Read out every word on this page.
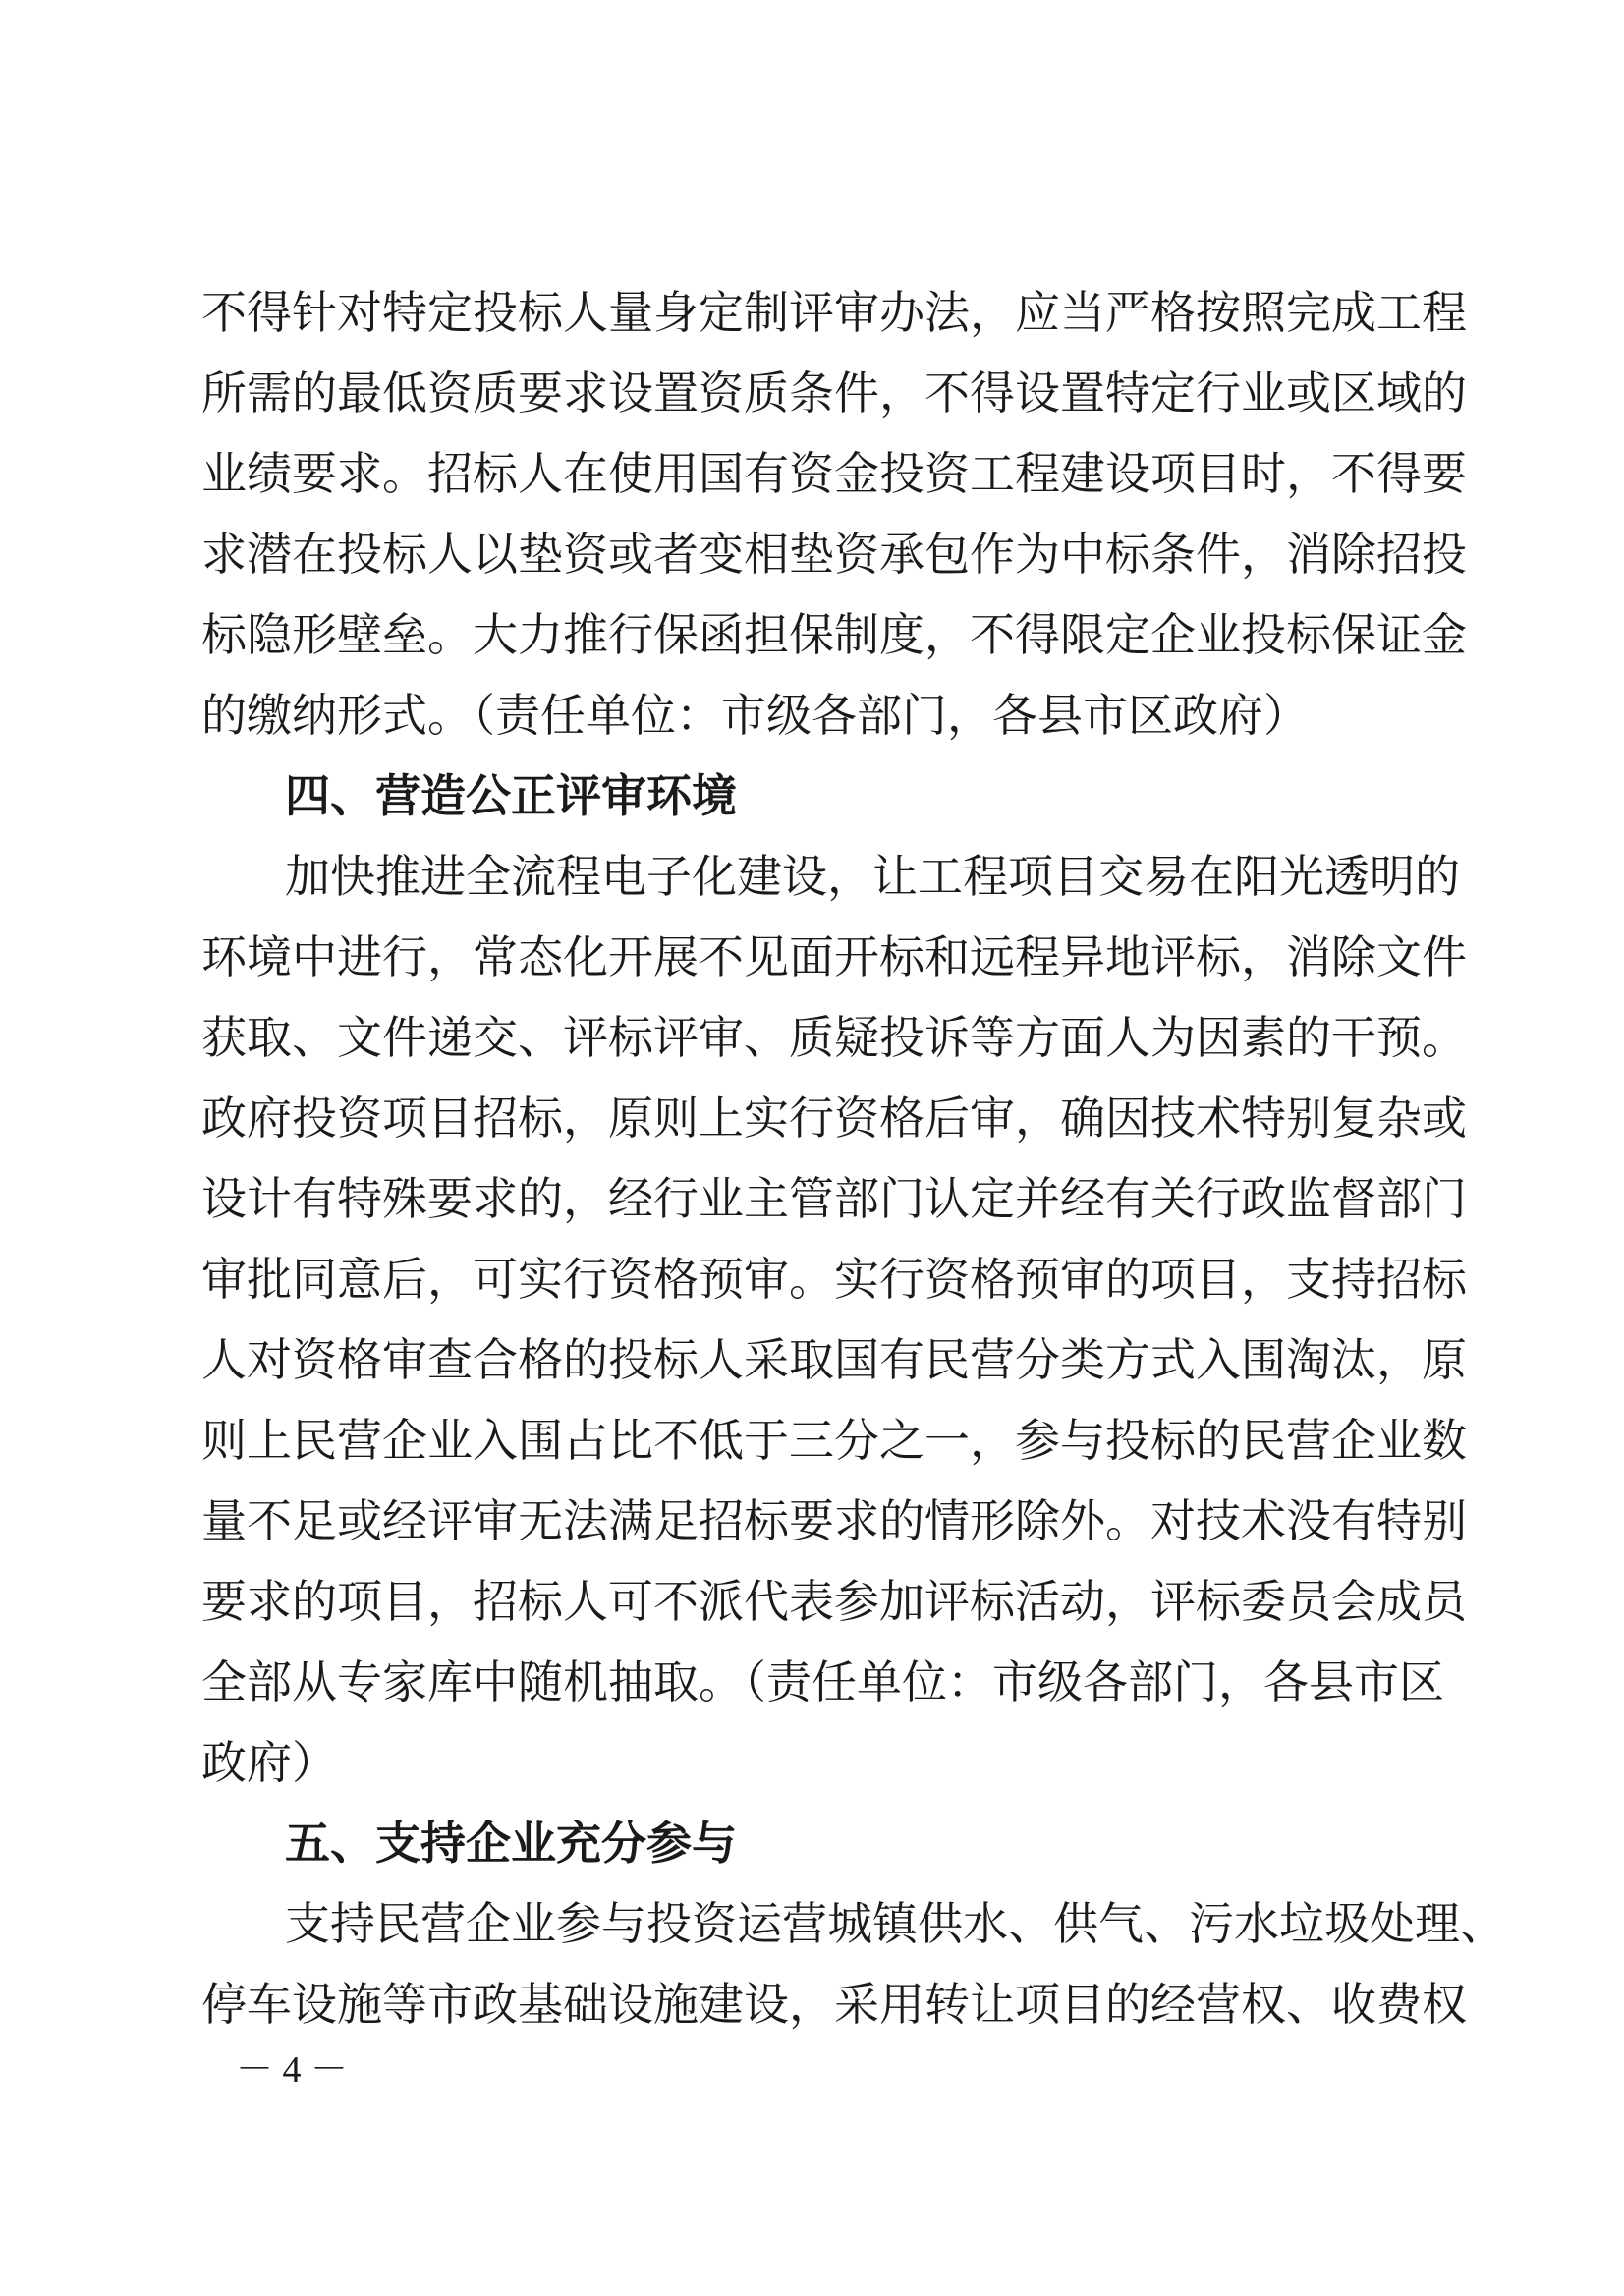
不得针对特定投标人量身定制评审办法，应当严格按照完成工程
所需的最低资质要求设置资质条件，不得设置特定行业或区域的
业绩要求。招标人在使用国有资金投资工程建设项目时，不得要
求潜在投标人以垫资或者变相垫资承包作为中标条件，消除招投
标隐形壁垒。大力推行保函担保制度，不得限定企业投标保证金
的缴纳形式。（责任单位：市级各部门，各县市区政府）
四、营造公正评审环境
加快推进全流程电子化建设，让工程项目交易在阳光透明的
环境中进行，常态化开展不见面开标和远程异地评标，消除文件
获取、文件递交、评标评审、质疑投诉等方面人为因素的干预。
政府投资项目招标，原则上实行资格后审，确因技术特别复杂或
设计有特殊要求的，经行业主管部门认定并经有关行政监督部门
审批同意后，可实行资格预审。实行资格预审的项目，支持招标
人对资格审查合格的投标人采取国有民营分类方式入围淘汰，原
则上民营企业入围占比不低于三分之一，参与投标的民营企业数
量不足或经评审无法满足招标要求的情形除外。对技术没有特别
要求的项目，招标人可不派代表参加评标活动，评标委员会成员
全部从专家库中随机抽取。（责任单位：市级各部门，各县市区
政府）
五、支持企业充分参与
支持民营企业参与投资运营城镇供水、供气、污水垃圾处理、
停车设施等市政基础设施建设，采用转让项目的经营权、收费权
－ 4 －
